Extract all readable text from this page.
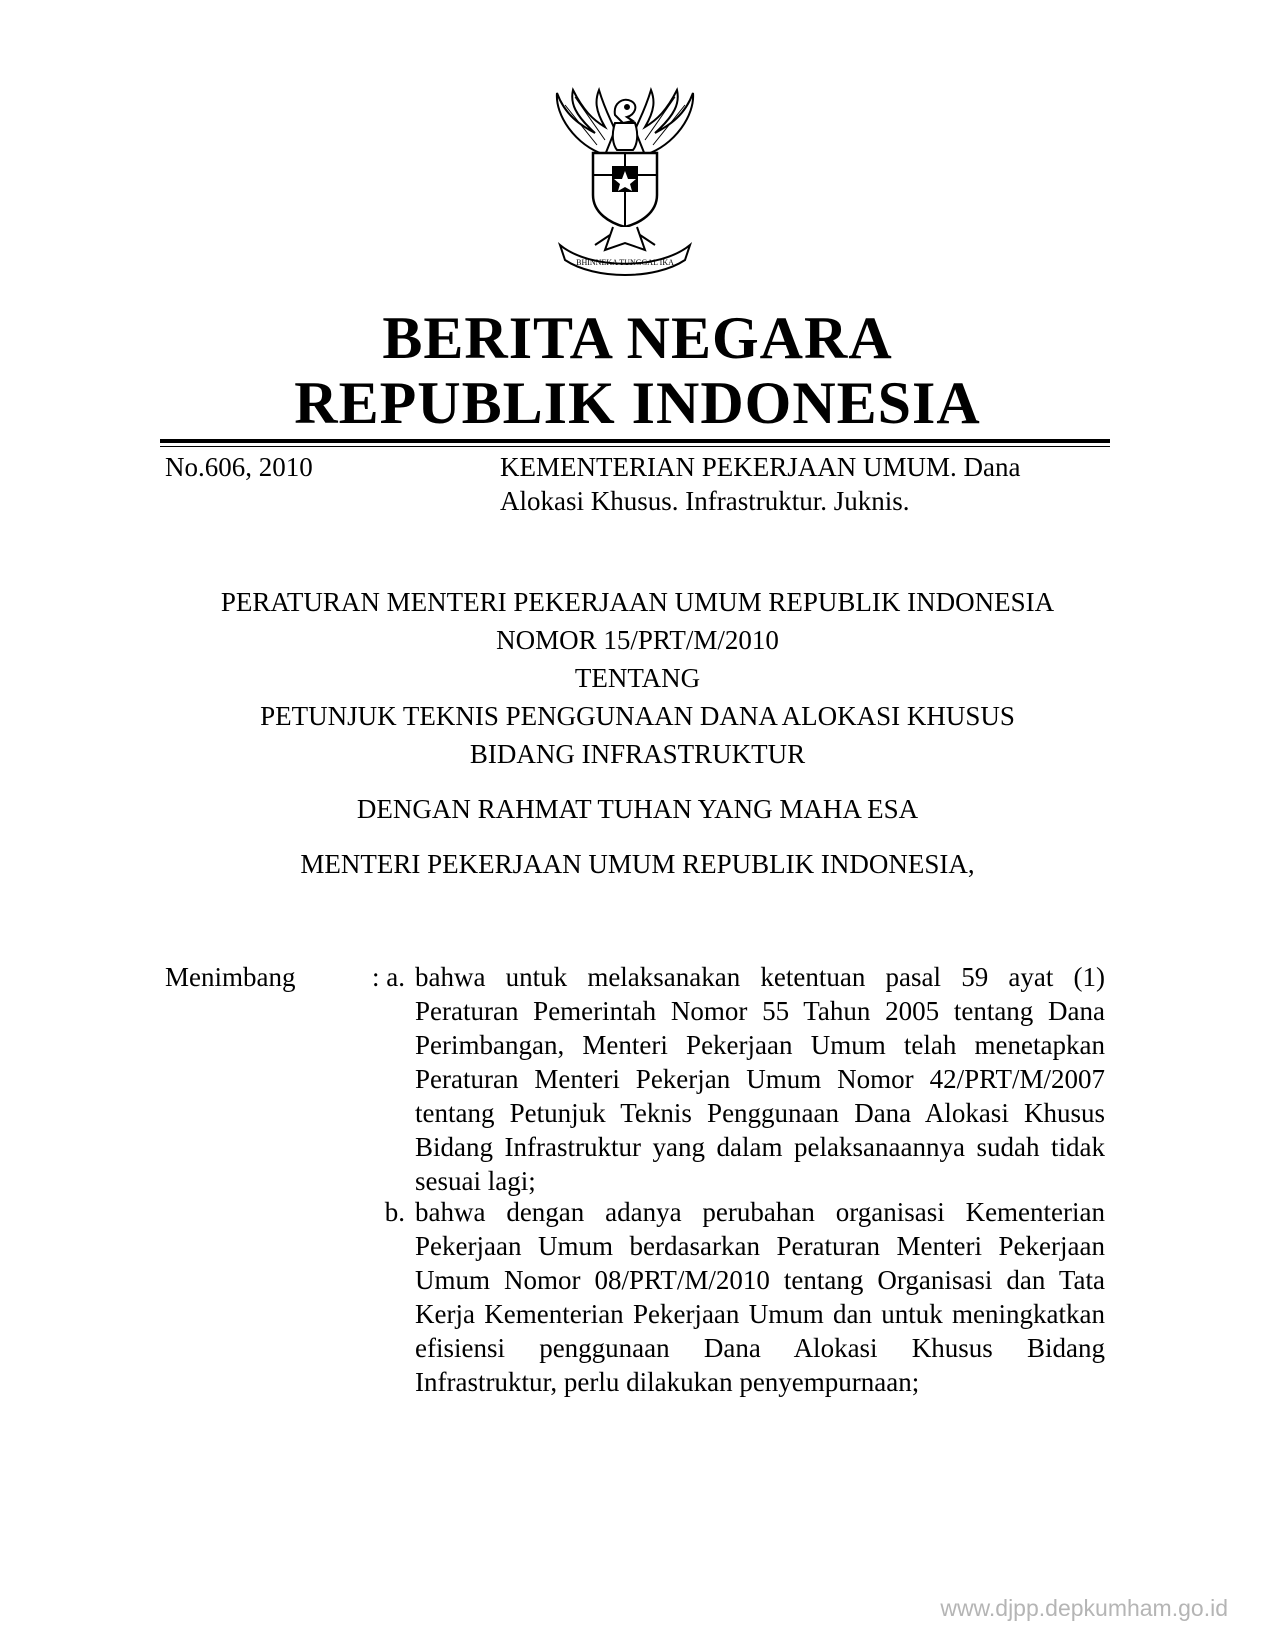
BHINNEKA TUNGGAL IKA
BERITA NEGARA
REPUBLIK INDONESIA
No.606, 2010	KEMENTERIAN PEKERJAAN UMUM. Dana
Alokasi Khusus. Infrastruktur. Juknis.
PERATURAN MENTERI PEKERJAAN UMUM REPUBLIK INDONESIA
NOMOR 15/PRT/M/2010
TENTANG
PETUNJUK TEKNIS PENGGUNAAN DANA ALOKASI KHUSUS
BIDANG INFRASTRUKTUR
DENGAN RAHMAT TUHAN YANG MAHA ESA
MENTERI PEKERJAAN UMUM REPUBLIK INDONESIA,
Menimbang	: a. bahwa untuk melaksanakan ketentuan pasal 59 ayat (1) Peraturan Pemerintah Nomor 55 Tahun 2005 tentang Dana Perimbangan, Menteri Pekerjaan Umum telah menetapkan Peraturan Menteri Pekerjan Umum Nomor 42/PRT/M/2007 tentang Petunjuk Teknis Penggunaan Dana Alokasi Khusus Bidang Infrastruktur yang dalam pelaksanaannya sudah tidak sesuai lagi;
b. bahwa dengan adanya perubahan organisasi Kementerian Pekerjaan Umum berdasarkan Peraturan Menteri Pekerjaan Umum Nomor 08/PRT/M/2010 tentang Organisasi dan Tata Kerja Kementerian Pekerjaan Umum dan untuk meningkatkan efisiensi penggunaan Dana Alokasi Khusus Bidang Infrastruktur, perlu dilakukan penyempurnaan;
www.djpp.depkumham.go.id
